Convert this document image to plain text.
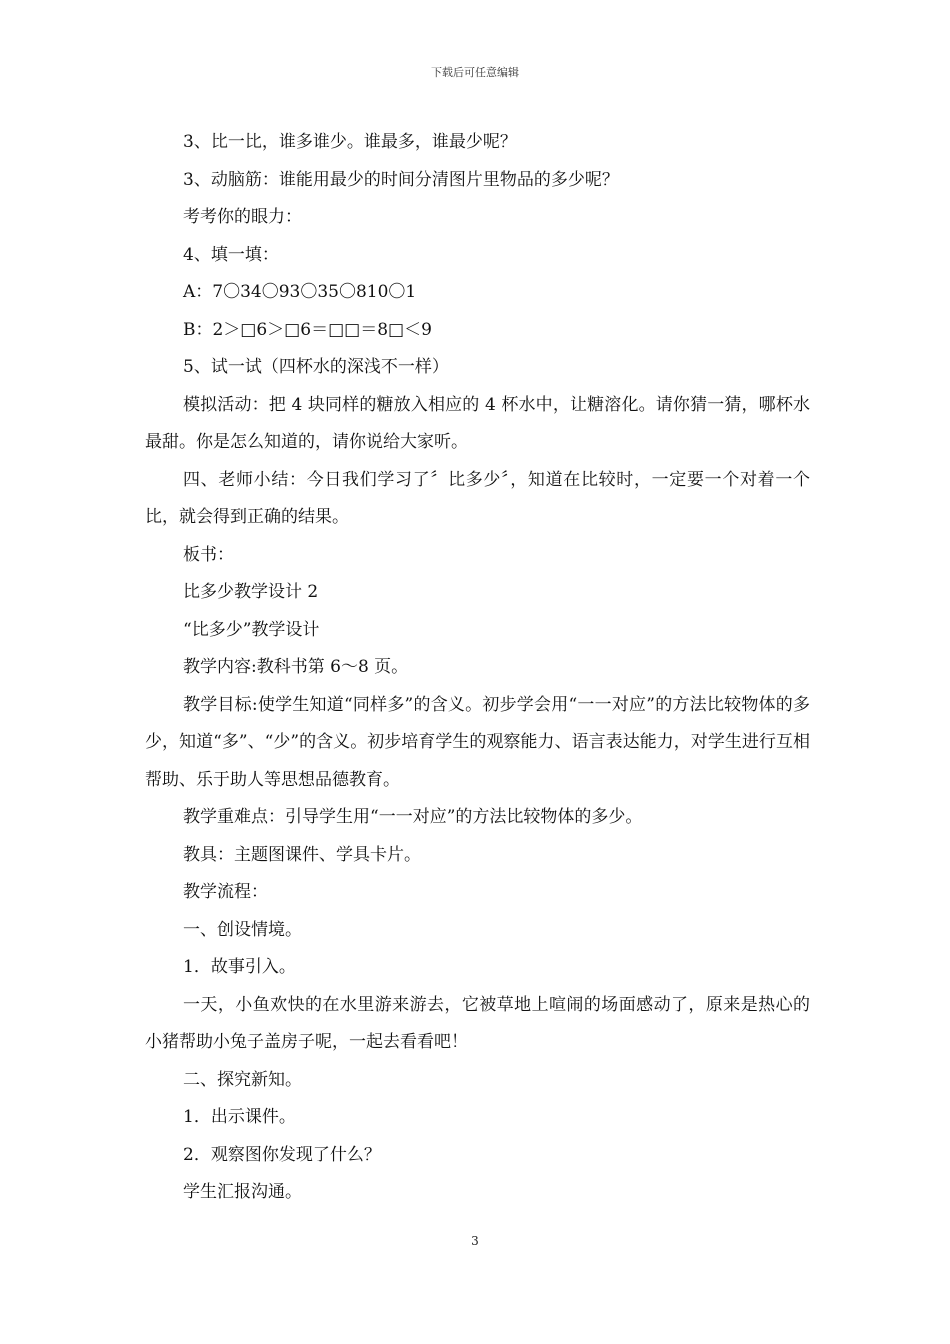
下载后可任意编辑

3、比一比，谁多谁少。谁最多，谁最少呢？

3、动脑筋：谁能用最少的时间分清图片里物品的多少呢？

考考你的眼力：

4、填一填：

A：7〇34〇93〇35〇810〇1

B：2＞□6＞□6＝□□＝8□＜9

5、试一试（四杯水的深浅不一样）

模拟活动：把 4 块同样的糖放入相应的 4 杯水中，让糖溶化。请你猜一猜，哪杯水最甜。你是怎么知道的，请你说给大家听。

四、老师小结：今日我们学习了〞比多少〞，知道在比较时，一定要一个对着一个比，就会得到正确的结果。

板书：

比多少教学设计 2

“比多少”教学设计

教学内容:教科书第 6～8 页。

教学目标:使学生知道“同样多”的含义。初步学会用“一一对应”的方法比较物体的多少，知道“多”、“少”的含义。初步培育学生的观察能力、语言表达能力，对学生进行互相帮助、乐于助人等思想品德教育。

教学重难点：引导学生用“一一对应”的方法比较物体的多少。

教具：主题图课件、学具卡片。

教学流程：

一、创设情境。

1．故事引入。

一天，小鱼欢快的在水里游来游去，它被草地上喧闹的场面感动了，原来是热心的小猪帮助小兔子盖房子呢，一起去看看吧！

二、探究新知。

1．出示课件。

2．观察图你发现了什么？

学生汇报沟通。

3
